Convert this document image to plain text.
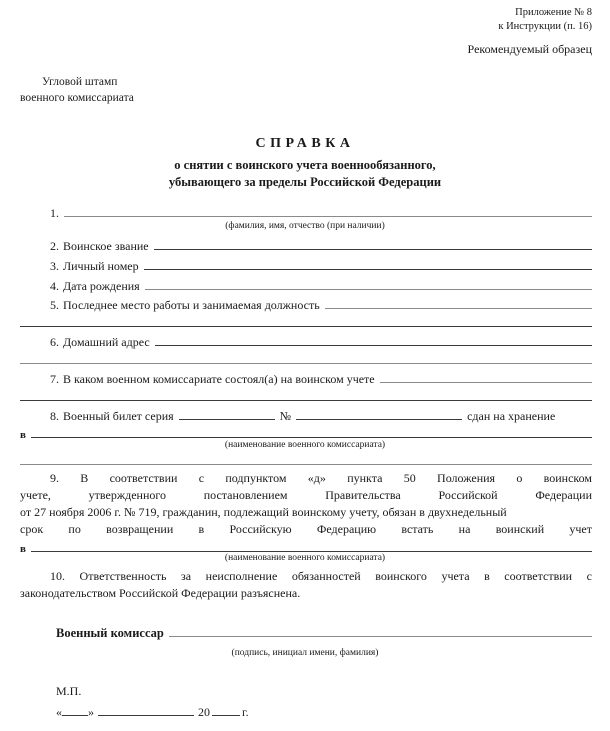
Приложение № 8
к Инструкции (п. 16)
Рекомендуемый образец
Угловой штамп
военного комиссариата
СПРАВКА
о снятии с воинского учета военнообязанного,
убывающего за пределы Российской Федерации
1.
(фамилия, имя, отчество (при наличии)
2. Воинское звание
3. Личный номер
4. Дата рождения
5. Последнее место работы и занимаемая должность
6. Домашний адрес
7. В каком военном комиссариате состоял(а) на воинском учете
8. Военный билет серия	№	сдан на хранение
в
(наименование военного комиссариата)
9. В соответствии с подпунктом «д» пункта 50 Положения о воинском
учете, утвержденного постановлением Правительства Российской Федерации
от 27 ноября 2006 г. № 719, гражданин, подлежащий воинскому учету, обязан в двухнедельный
срок по возвращении в Российскую Федерацию встать на воинский учет
в
(наименование военного комиссариата)
10. Ответственность за неисполнение обязанностей воинского учета в соответствии с
законодательством Российской Федерации разъяснена.
Военный комиссар
(подпись, инициал имени, фамилия)
М.П.
« »	20	г.
